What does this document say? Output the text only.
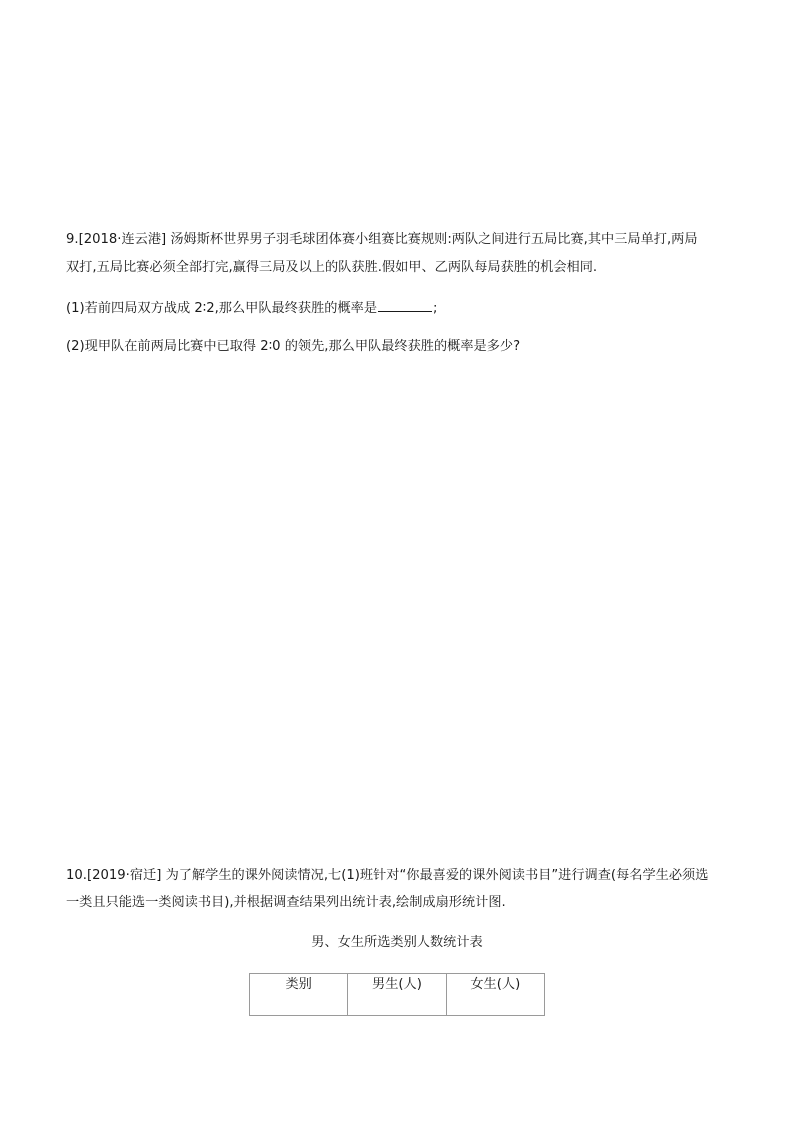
9.[2018·连云港] 汤姆斯杯世界男子羽毛球团体赛小组赛比赛规则:两队之间进行五局比赛,其中三局单打,两局
双打,五局比赛必须全部打完,赢得三局及以上的队获胜.假如甲、乙两队每局获胜的机会相同.
(1)若前四局双方战成 2∶2,那么甲队最终获胜的概率是	;
(2)现甲队在前两局比赛中已取得 2∶0 的领先,那么甲队最终获胜的概率是多少?
10.[2019·宿迁] 为了解学生的课外阅读情况,七(1)班针对“你最喜爱的课外阅读书目”进行调查(每名学生必须选
一类且只能选一类阅读书目),并根据调查结果列出统计表,绘制成扇形统计图.
男、女生所选类别人数统计表
类别	男生(人)	女生(人)
